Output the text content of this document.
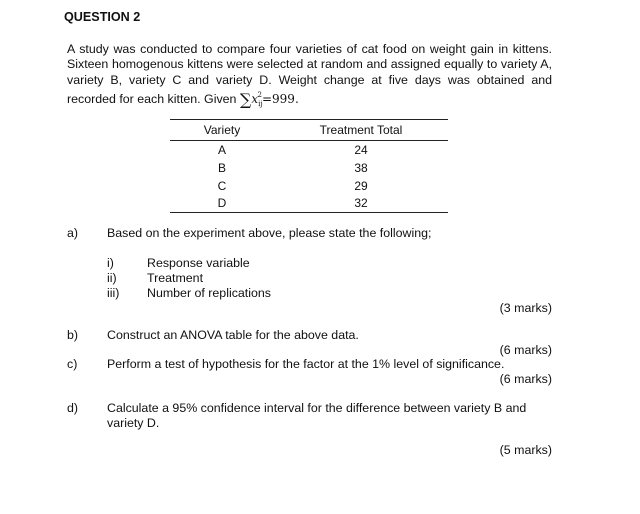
QUESTION 2

A study was conducted to compare four varieties of cat food on weight gain in kittens. Sixteen homogenous kittens were selected at random and assigned equally to variety A, variety B, variety C and variety D. Weight change at five days was obtained and recorded for each kitten. Given $\sum x_{ij}^2=999$.

Variety	Treatment Total
A	24
B	38
C	29
D	32
a) Based on the experiment above, please state the following;
i)	Response variable
ii) Treatment
iii) Number of replications
(3 marks)
b) Construct an ANOVA table for the above data.
(6 marks)
c) Perform a test of hypothesis for the factor at the 1% level of significance.
(6 marks)
d) Calculate a 95% confidence interval for the difference between variety B and variety D.
(5 marks)
